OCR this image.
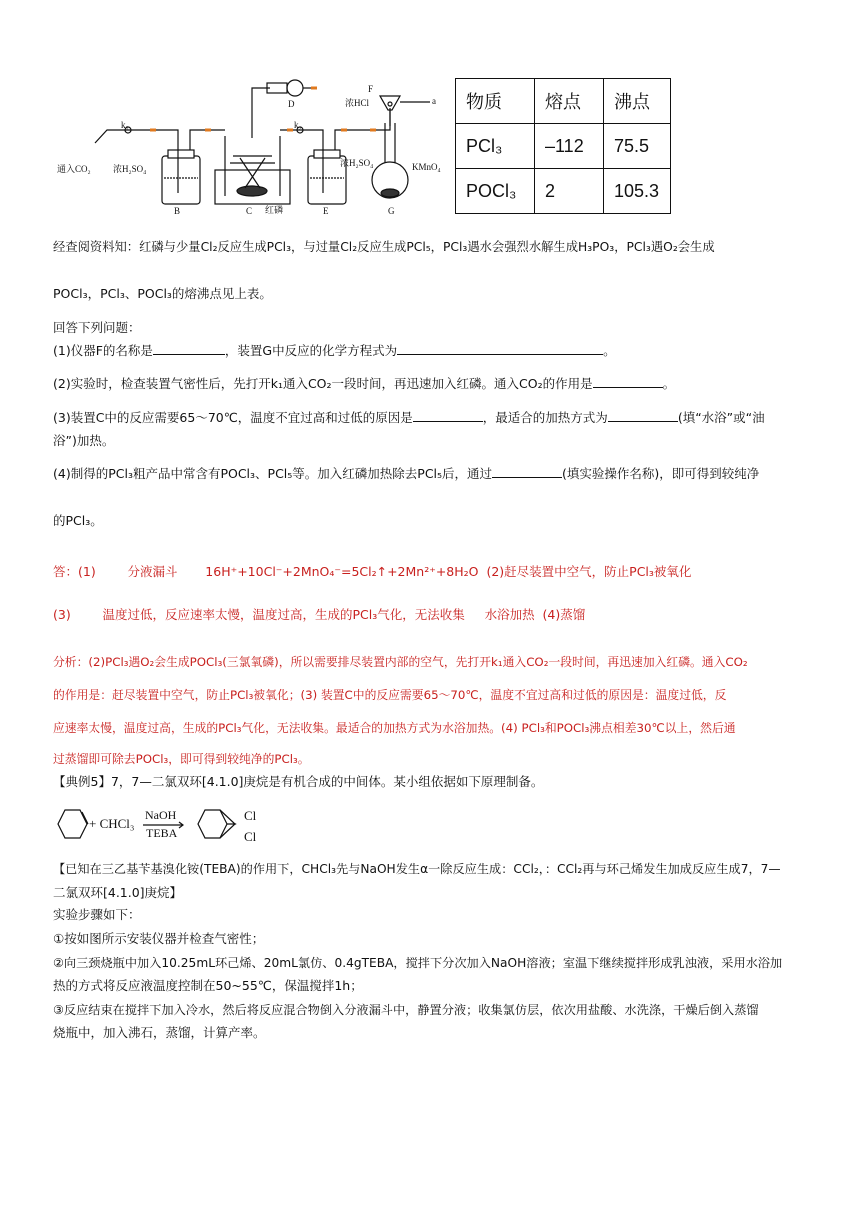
通入CO₂
k₁
浓H₂SO₄
B	C 红磷
D
k₂
浓H₂SO₄
E
F
浓HCl	a
KMnO₄
G
物质	熔点	沸点
PCl₃	–112	75.5
POCl₃	2	105.3
经查阅资料知：红磷与少量Cl₂反应生成PCl₃，与过量Cl₂反应生成PCl₅，PCl₃遇水会强烈水解生成H₃PO₃，PCl₃遇O₂会生成
POCl₃，PCl₃、POCl₃的熔沸点见上表。
回答下列问题：
(1)仪器F的名称是	，装置G中反应的化学方程式为	。
(2)实验时，检查装置气密性后，先打开k₁通入CO₂一段时间，再迅速加入红磷。通入CO₂的作用是	。
(3)装置C中的反应需要65～70℃，温度不宜过高和过低的原因是	，最适合的加热方式为	(填“水浴”或“油
浴”)加热。
(4)制得的PCl₃粗产品中常含有POCl₃、PCl₅等。加入红磷加热除去PCl₅后，通过	(填实验操作名称)，即可得到较纯净
的PCl₃。
答：(1)        分液漏斗       16H⁺+10Cl⁻+2MnO₄⁻=5Cl₂↑+2Mn²⁺+8H₂O  (2)赶尽装置中空气，防止PCl₃被氧化
(3)        温度过低，反应速率太慢，温度过高，生成的PCl₃气化，无法收集     水浴加热  (4)蒸馏
分析：(2)PCl₃遇O₂会生成POCl₃(三氯氧磷)，所以需要排尽装置内部的空气，先打开k₁通入CO₂一段时间，再迅速加入红磷。通入CO₂
的作用是：赶尽装置中空气，防止PCl₃被氧化；(3) 装置C中的反应需要65～70℃，温度不宜过高和过低的原因是：温度过低，反
应速率太慢，温度过高，生成的PCl₃气化，无法收集。最适合的加热方式为水浴加热。(4) PCl₃和POCl₃沸点相差30℃以上，然后通
过蒸馏即可除去POCl₃，即可得到较纯净的PCl₃。
【典例5】7，7—二氯双环[4.1.0]庚烷是有机合成的中间体。某小组依据如下原理制备。
+ CHCl₃
NaOH
TEBA
Cl
Cl
【已知在三乙基苄基溴化铵(TEBA)的作用下，CHCl₃先与NaOH发生α一除反应生成：CCl₂，：CCl₂再与环己烯发生加成反应生成7，7—
二氯双环[4.1.0]庚烷】
实验步骤如下：
①按如图所示安装仪器并检查气密性；
②向三颈烧瓶中加入10.25mL环己烯、20mL氯仿、0.4gTEBA，搅拌下分次加入NaOH溶液；室温下继续搅拌形成乳浊液，采用水浴加
热的方式将反应液温度控制在50~55℃，保温搅拌1h；
③反应结束在搅拌下加入冷水，然后将反应混合物倒入分液漏斗中，静置分液；收集氯仿层，依次用盐酸、水洗涤，干燥后倒入蒸馏
烧瓶中，加入沸石，蒸馏，计算产率。
